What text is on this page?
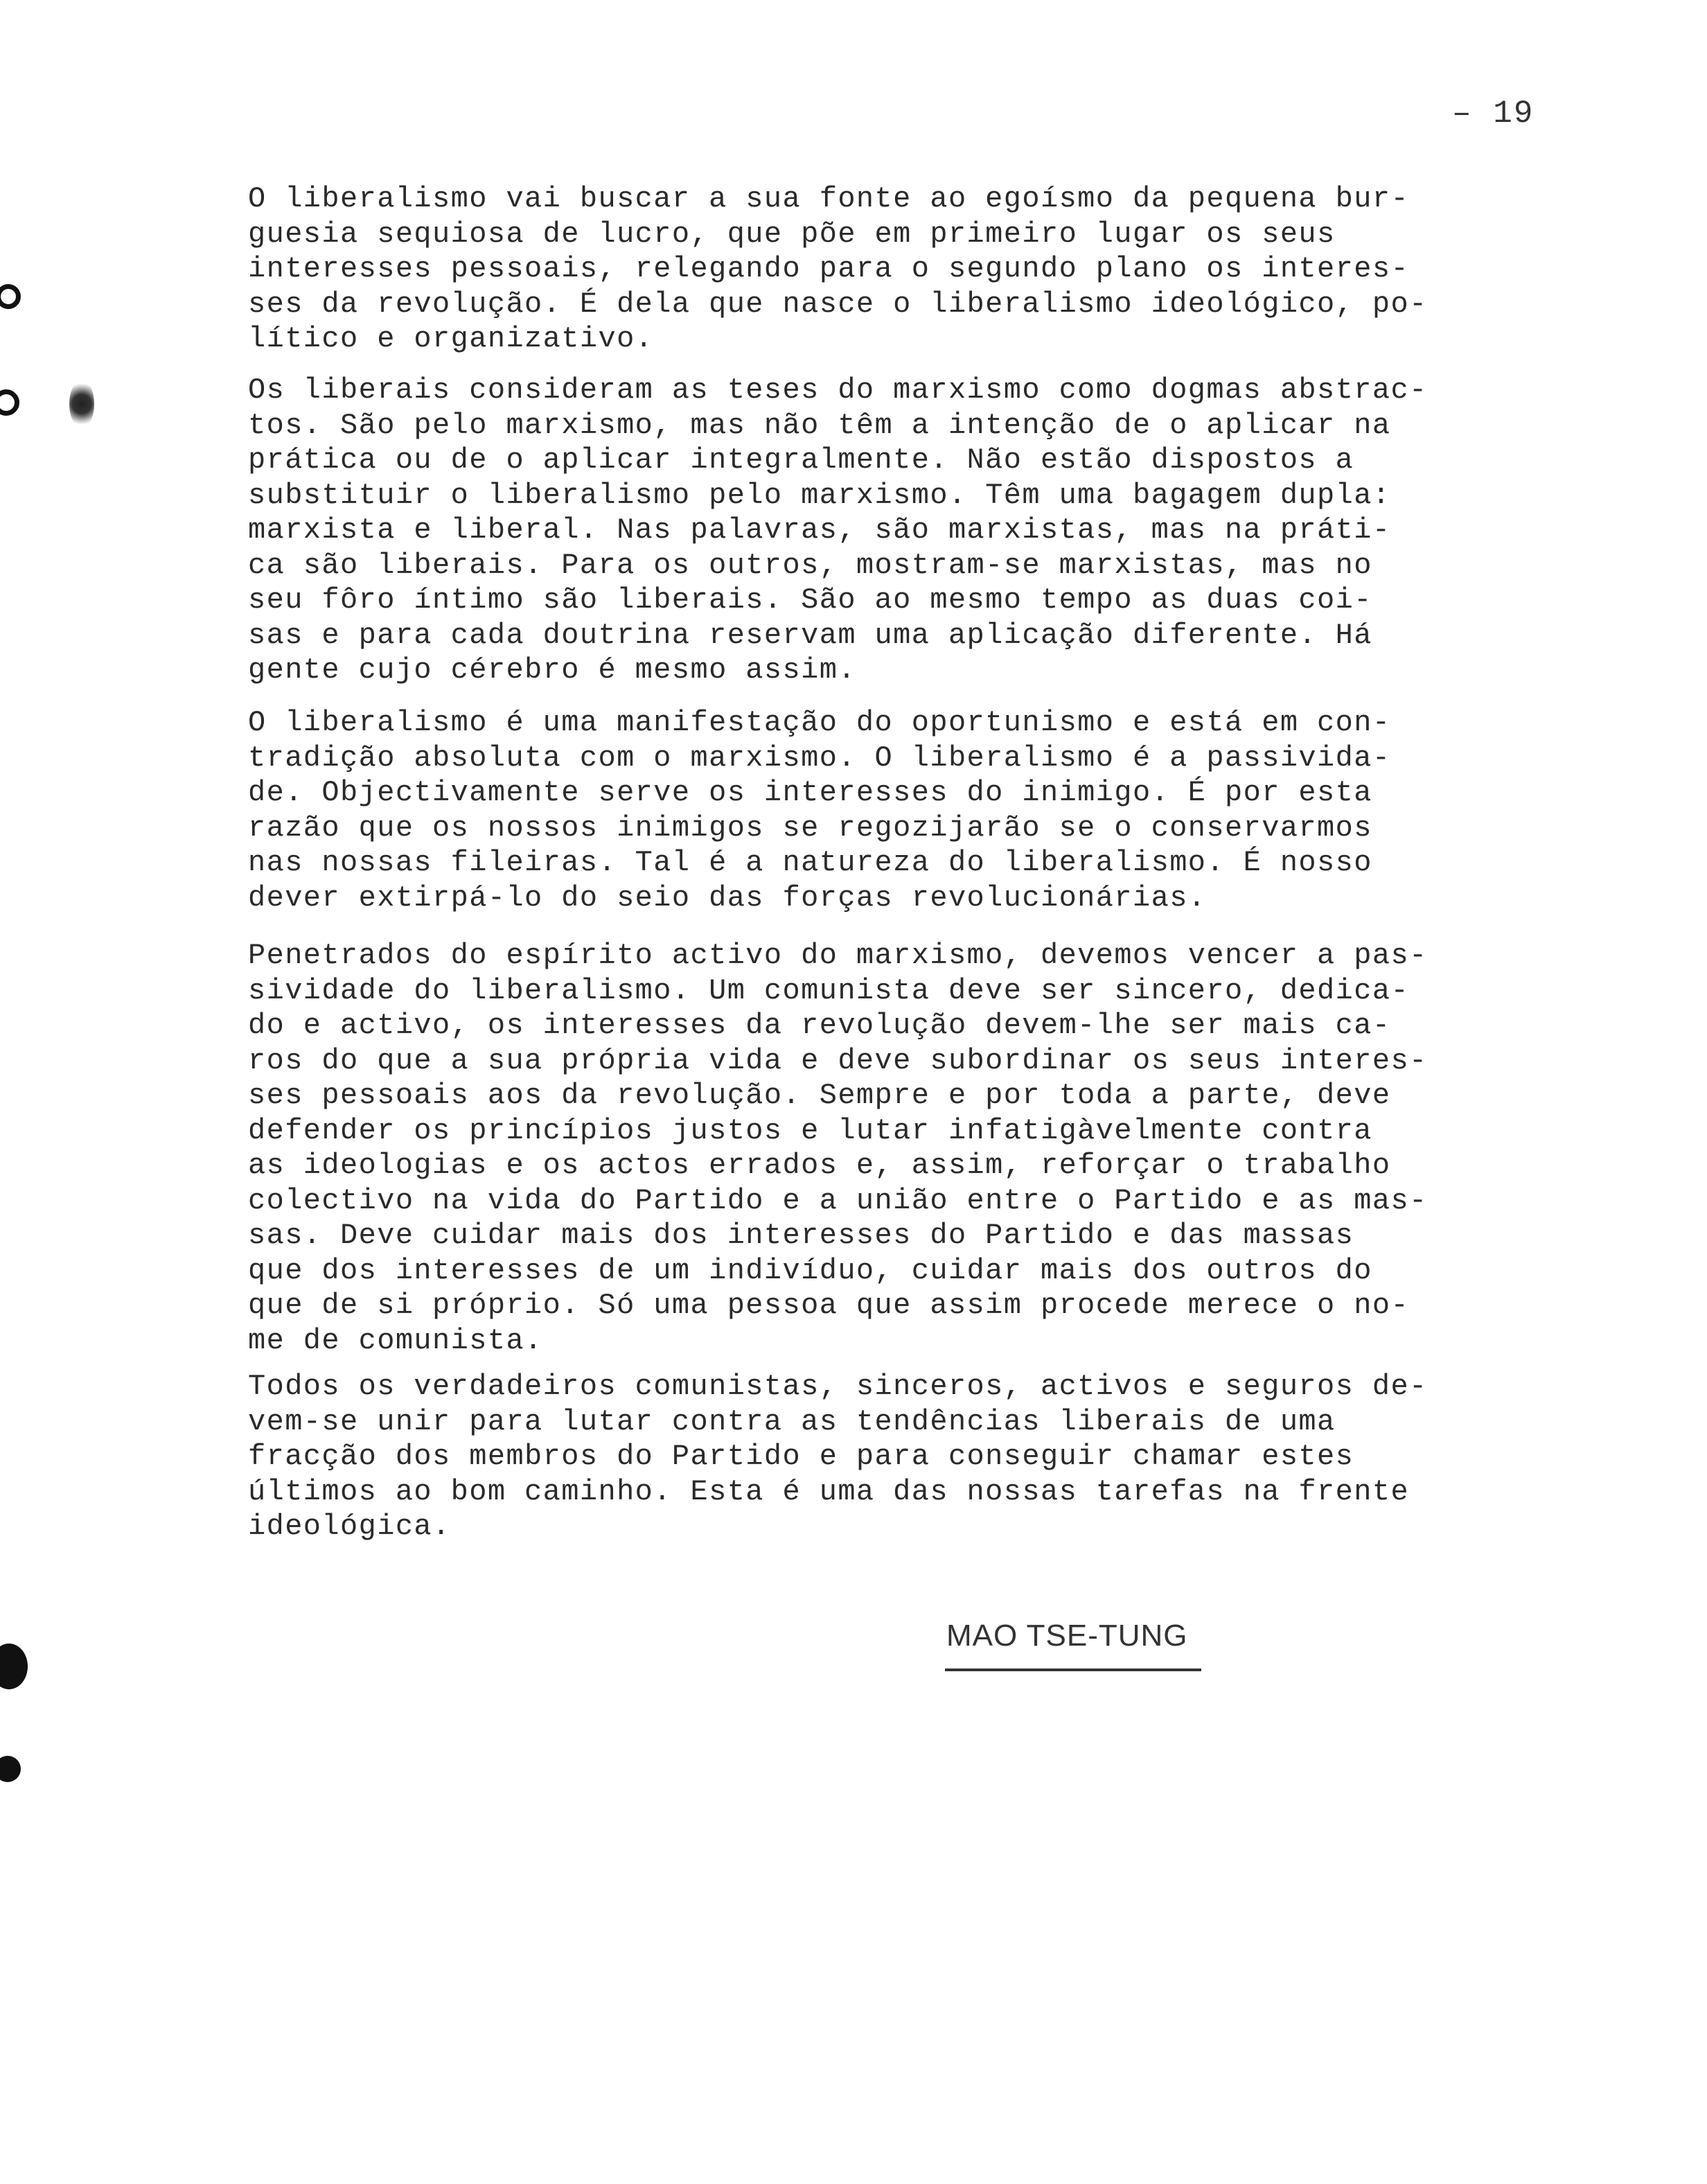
– 19
O liberalismo vai buscar a sua fonte ao egoísmo da pequena bur-
guesia sequiosa de lucro, que põe em primeiro lugar os seus
interesses pessoais, relegando para o segundo plano os interes-
ses da revolução. É dela que nasce o liberalismo ideológico, po-
lítico e organizativo.
Os liberais consideram as teses do marxismo como dogmas abstrac-
tos. São pelo marxismo, mas não têm a intenção de o aplicar na
prática ou de o aplicar integralmente. Não estão dispostos a
substituir o liberalismo pelo marxismo. Têm uma bagagem dupla:
marxista e liberal. Nas palavras, são marxistas, mas na práti-
ca são liberais. Para os outros, mostram-se marxistas, mas no
seu fôro íntimo são liberais. São ao mesmo tempo as duas coi-
sas e para cada doutrina reservam uma aplicação diferente. Há
gente cujo cérebro é mesmo assim.
O liberalismo é uma manifestação do oportunismo e está em con-
tradição absoluta com o marxismo. O liberalismo é a passivida-
de. Objectivamente serve os interesses do inimigo. É por esta
razão que os nossos inimigos se regozijarão se o conservarmos
nas nossas fileiras. Tal é a natureza do liberalismo. É nosso
dever extirpá-lo do seio das forças revolucionárias.
Penetrados do espírito activo do marxismo, devemos vencer a pas-
sividade do liberalismo. Um comunista deve ser sincero, dedica-
do e activo, os interesses da revolução devem-lhe ser mais ca-
ros do que a sua própria vida e deve subordinar os seus interes-
ses pessoais aos da revolução. Sempre e por toda a parte, deve
defender os princípios justos e lutar infatigàvelmente contra
as ideologias e os actos errados e, assim, reforçar o trabalho
colectivo na vida do Partido e a união entre o Partido e as mas-
sas. Deve cuidar mais dos interesses do Partido e das massas
que dos interesses de um indivíduo, cuidar mais dos outros do
que de si próprio. Só uma pessoa que assim procede merece o no-
me de comunista.
Todos os verdadeiros comunistas, sinceros, activos e seguros de-
vem-se unir para lutar contra as tendências liberais de uma
fracção dos membros do Partido e para conseguir chamar estes
últimos ao bom caminho. Esta é uma das nossas tarefas na frente
ideológica.
MAO TSE-TUNG
